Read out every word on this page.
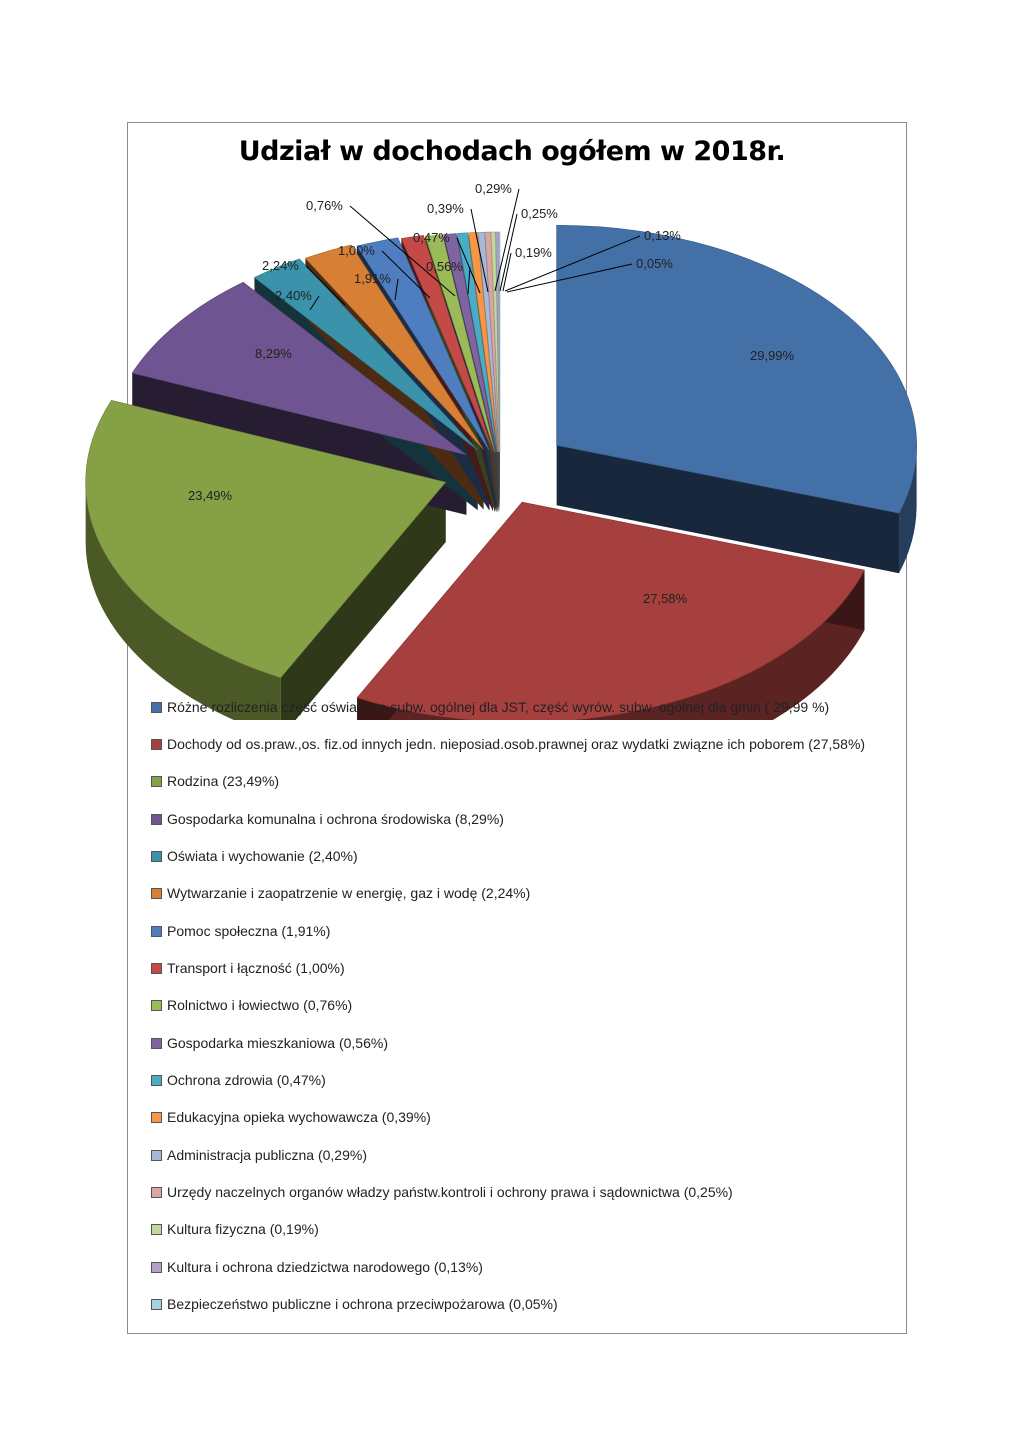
Udział w dochodach ogółem w 2018r.
29,99%
27,58%
23,49%
8,29%
2,40%
2,24%
1,91%
1,00%
0,76%
0,56%
0,47%
0,39%
0,29%
0,25%
0,19%
0,13%
0,05%
Różne rozliczenia część oświatowa subw. ogólnej dla JST, część wyrów. subw. ogólnej dla gmin ( 29,99 %)
Dochody od os.praw.,os. fiz.od innych jedn. nieposiad.osob.prawnej oraz wydatki związne ich poborem (27,58%)
Rodzina (23,49%)
Gospodarka komunalna i ochrona środowiska (8,29%)
Oświata i wychowanie (2,40%)
Wytwarzanie i zaopatrzenie w energię, gaz i wodę (2,24%)
Pomoc społeczna (1,91%)
Transport i łączność (1,00%)
Rolnictwo i łowiectwo (0,76%)
Gospodarka mieszkaniowa (0,56%)
Ochrona zdrowia (0,47%)
Edukacyjna opieka wychowawcza (0,39%)
Administracja publiczna (0,29%)
Urzędy naczelnych organów władzy państw.kontroli i ochrony prawa i sądownictwa (0,25%)
Kultura fizyczna (0,19%)
Kultura i ochrona dziedzictwa narodowego (0,13%)
Bezpieczeństwo publiczne i ochrona przeciwpożarowa (0,05%)
